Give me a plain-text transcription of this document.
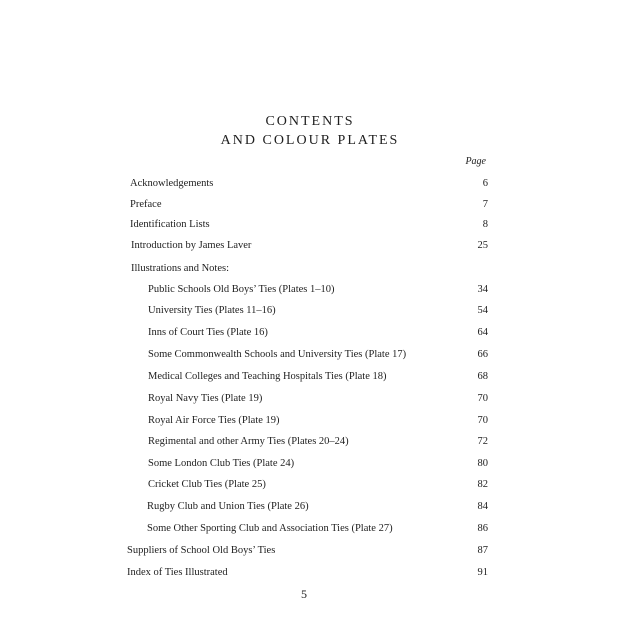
CONTENTS
AND COLOUR PLATES
Page
Acknowledgements	6
Preface	7
Identification Lists	8
Introduction by James Laver	25
Illustrations and Notes:
Public Schools Old Boys’ Ties (Plates 1–10)	34
University Ties (Plates 11–16)	54
Inns of Court Ties (Plate 16)	64
Some Commonwealth Schools and University Ties (Plate 17)	66
Medical Colleges and Teaching Hospitals Ties (Plate 18)	68
Royal Navy Ties (Plate 19)	70
Royal Air Force Ties (Plate 19)	70
Regimental and other Army Ties (Plates 20–24)	72
Some London Club Ties (Plate 24)	80
Cricket Club Ties (Plate 25)	82
Rugby Club and Union Ties (Plate 26)	84
Some Other Sporting Club and Association Ties (Plate 27)	86
Suppliers of School Old Boys’ Ties	87
Index of Ties Illustrated	91
5
